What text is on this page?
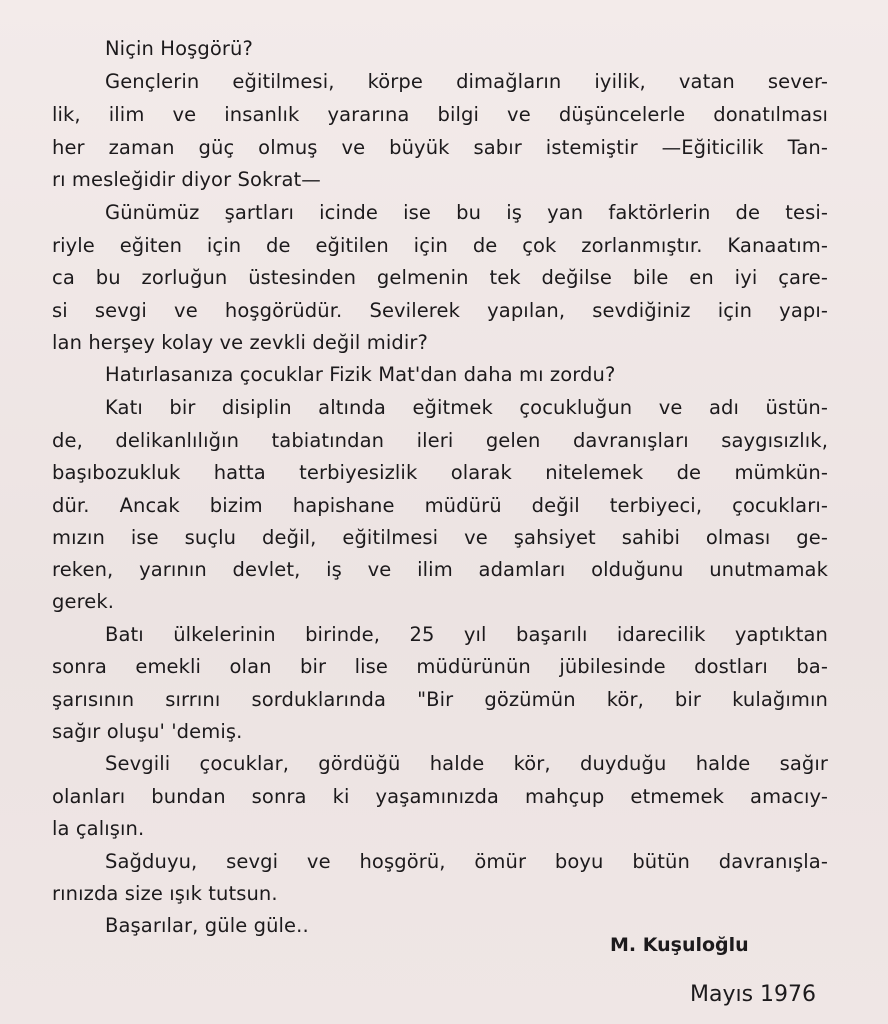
Niçin Hoşgörü?
Gençlerin eğitilmesi, körpe dimağların iyilik, vatan sever-
lik, ilim ve insanlık yararına bilgi ve düşüncelerle donatılması
her zaman güç olmuş ve büyük sabır istemiştir —Eğiticilik Tan-
rı mesleğidir diyor Sokrat—
Günümüz şartları icinde ise bu iş yan faktörlerin de tesi-
riyle eğiten için de eğitilen için de çok zorlanmıştır. Kanaatım-
ca bu zorluğun üstesinden gelmenin tek değilse bile en iyi çare-
si sevgi ve hoşgörüdür. Sevilerek yapılan, sevdiğiniz için yapı-
lan herşey kolay ve zevkli değil midir?
Hatırlasanıza çocuklar Fizik Mat'dan daha mı zordu?
Katı bir disiplin altında eğitmek çocukluğun ve adı üstün-
de, delikanlılığın tabiatından ileri gelen davranışları saygısızlık,
başıbozukluk hatta terbiyesizlik olarak nitelemek de mümkün-
dür. Ancak bizim hapishane müdürü değil terbiyeci, çocukları-
mızın ise suçlu değil, eğitilmesi ve şahsiyet sahibi olması ge-
reken, yarının devlet, iş ve ilim adamları olduğunu unutmamak
gerek.
Batı ülkelerinin birinde, 25 yıl başarılı idarecilik yaptıktan
sonra emekli olan bir lise müdürünün jübilesinde dostları ba-
şarısının sırrını sorduklarında "Bir gözümün kör, bir kulağımın
sağır oluşu' 'demiş.
Sevgili çocuklar, gördüğü halde kör, duyduğu halde sağır
olanları bundan sonra ki yaşamınızda mahçup etmemek amacıy-
la çalışın.
Sağduyu, sevgi ve hoşgörü, ömür boyu bütün davranışla-
rınızda size ışık tutsun.
Başarılar, güle güle..
M. Kuşuloğlu
Mayıs 1976
